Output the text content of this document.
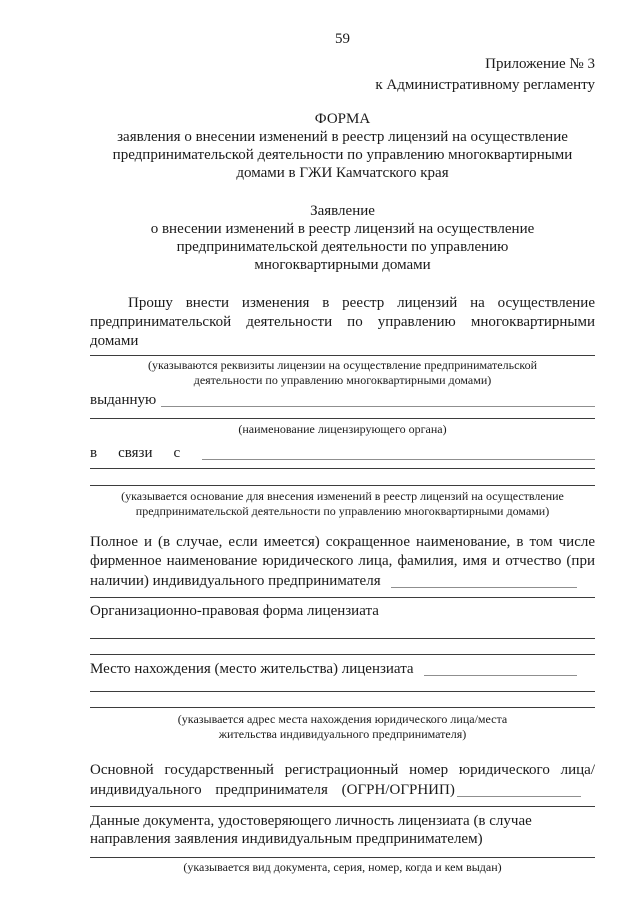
59
Приложение № 3
к Административному регламенту
ФОРМА
заявления о внесении изменений в реестр лицензий на осуществление
предпринимательской деятельности по управлению многоквартирными
домами в ГЖИ Камчатского края
Заявление
о внесении изменений в реестр лицензий на осуществление
предпринимательской деятельности по управлению
многоквартирными домами
Прошу внести изменения в реестр лицензий на осуществление
предпринимательской деятельности по управлению многоквартирными
домами
(указываются реквизиты лицензии на осуществление предпринимательской
деятельности по управлению многоквартирными домами)
выданную
(наименование лицензирующего органа)
в связи с
(указывается основание для внесения изменений в реестр лицензий на осуществление
предпринимательской деятельности по управлению многоквартирными домами)
Полное и (в случае, если имеется) сокращенное наименование, в том числе
фирменное наименование юридического лица, фамилия, имя и отчество (при
наличии) индивидуального предпринимателя
Организационно-правовая форма лицензиата
Место нахождения (место жительства) лицензиата
(указывается адрес места нахождения юридического лица/места
жительства индивидуального предпринимателя)
Основной государственный регистрационный номер юридического лица/
индивидуального предпринимателя (ОГРН/ОГРНИП)
Данные документа, удостоверяющего личность лицензиата (в случае
направления заявления индивидуальным предпринимателем)
(указывается вид документа, серия, номер, когда и кем выдан)
